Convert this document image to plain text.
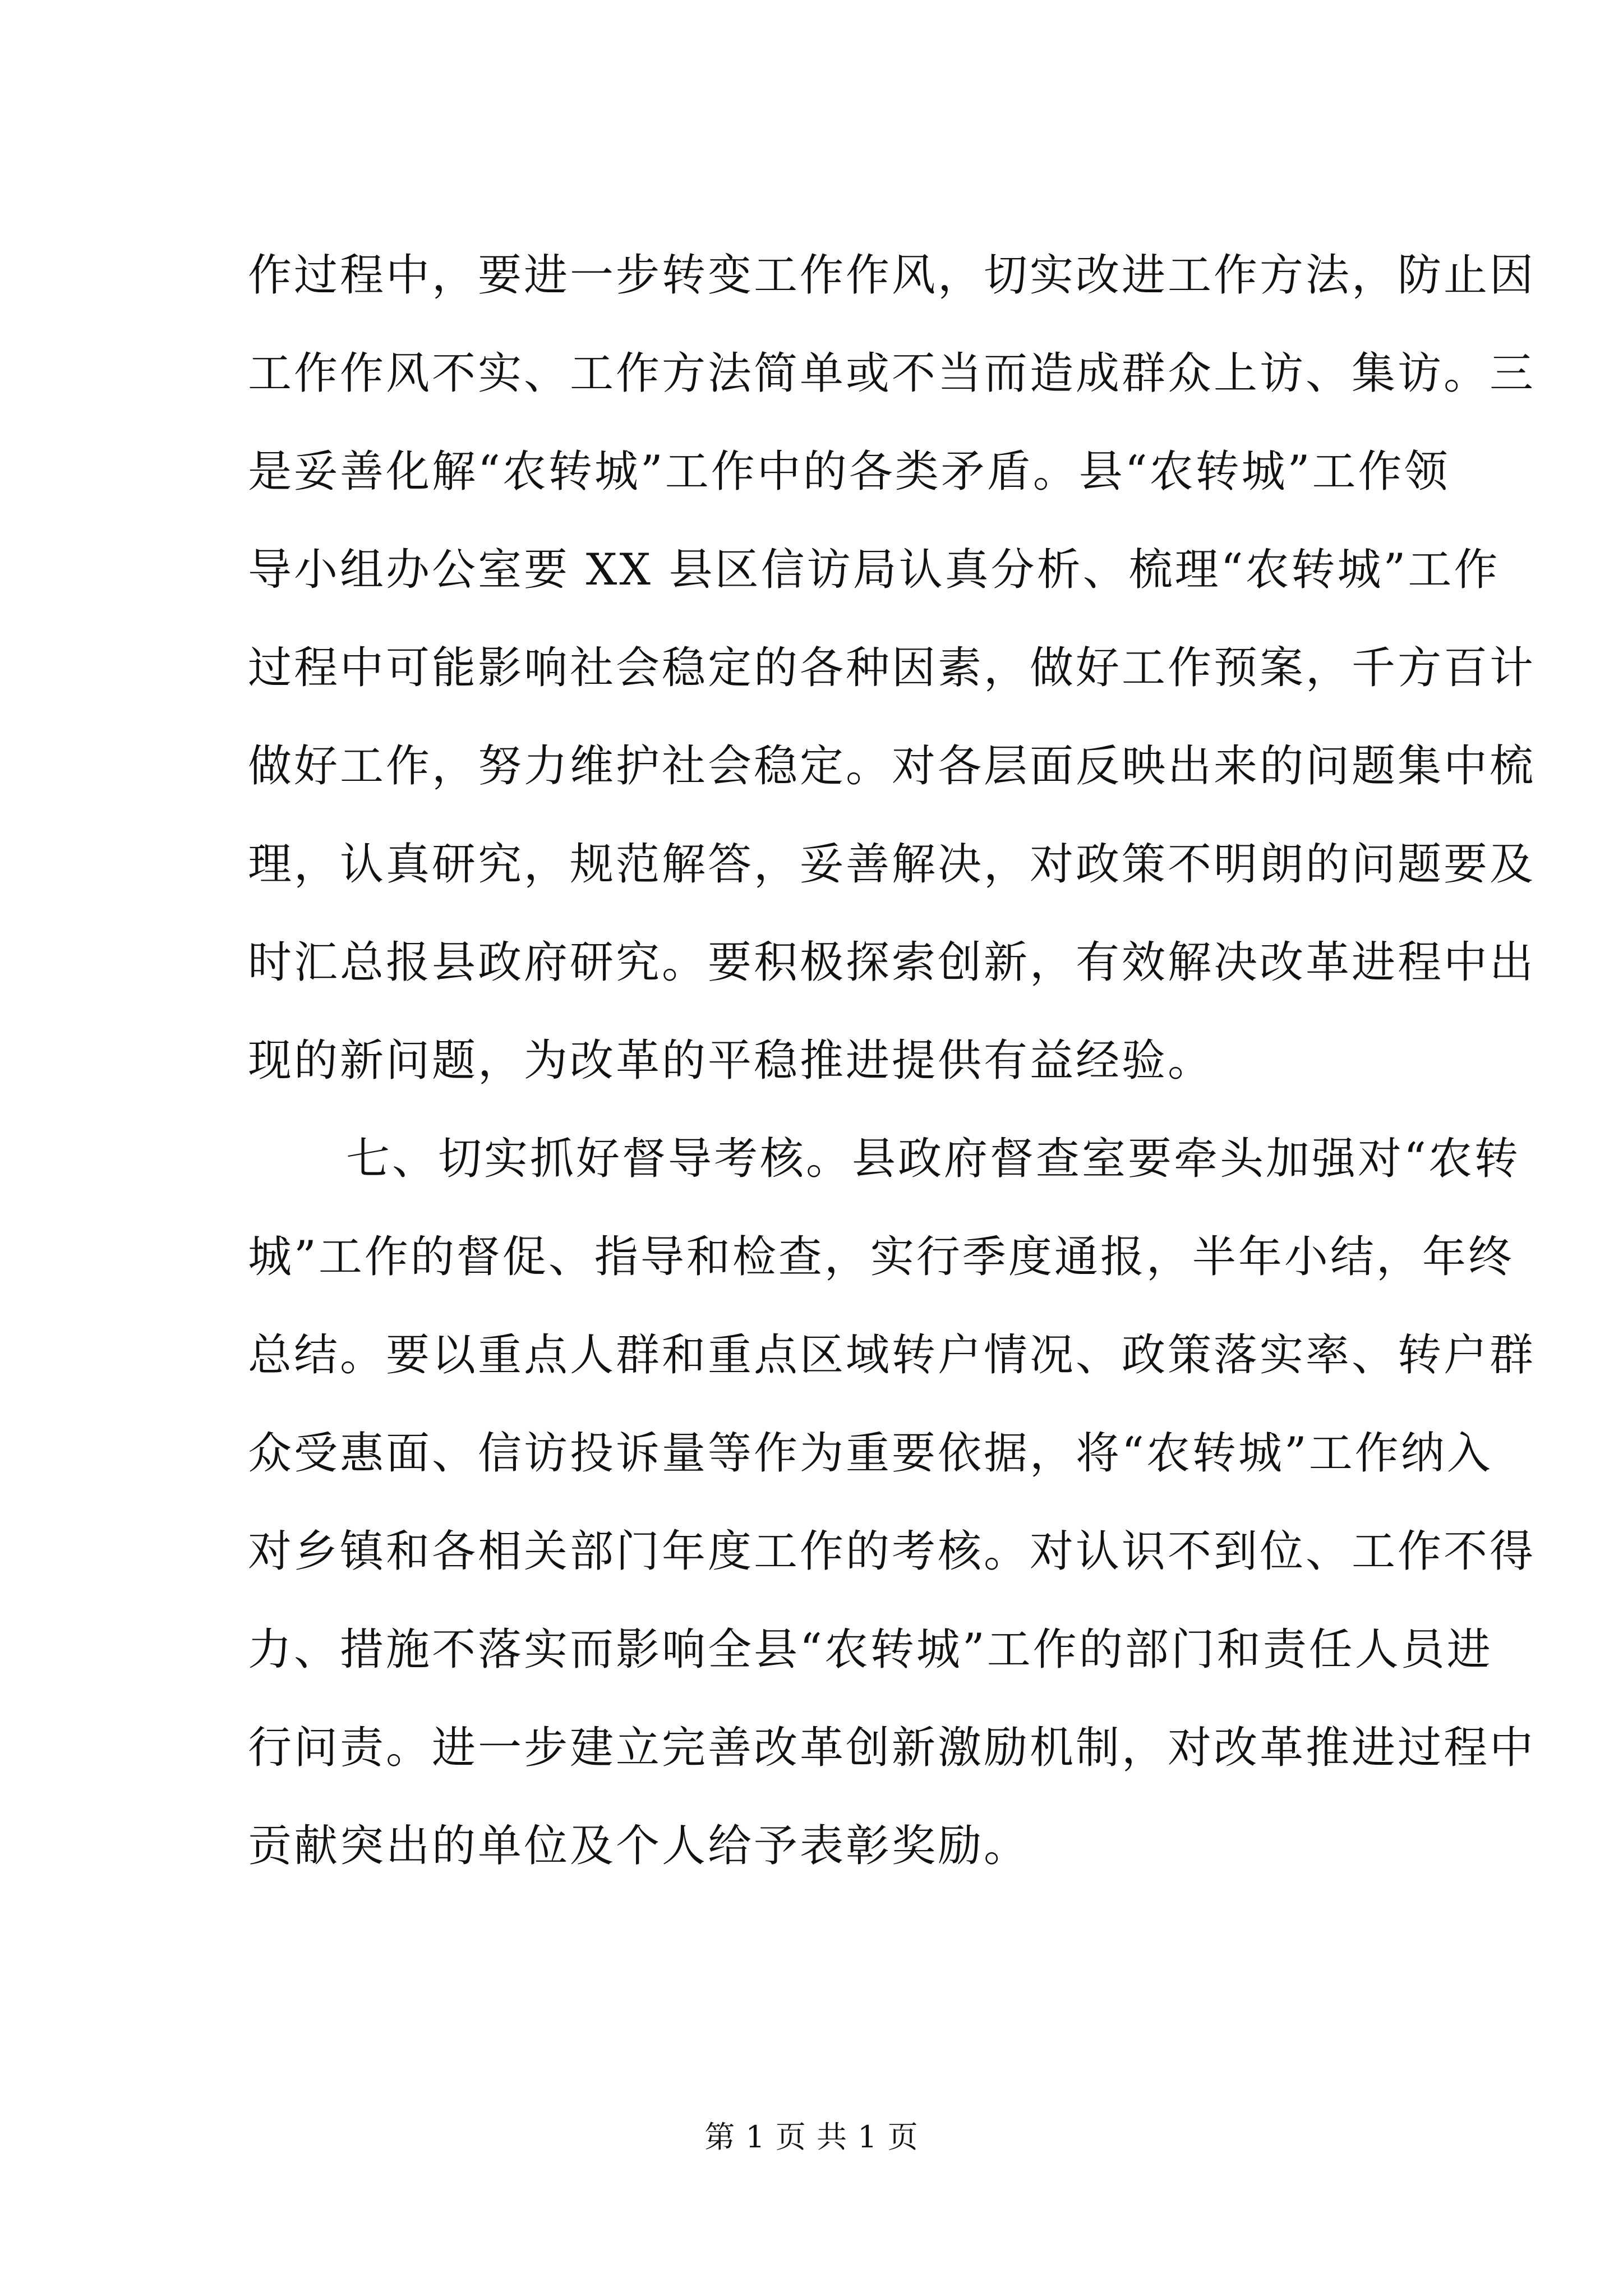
作过程中，要进一步转变工作作风，切实改进工作方法，防止因
工作作风不实、工作方法简单或不当而造成群众上访、集访。三
是妥善化解“农转城”工作中的各类矛盾。县“农转城”工作领
导小组办公室要 XX 县区信访局认真分析、梳理“农转城”工作
过程中可能影响社会稳定的各种因素，做好工作预案，千方百计
做好工作，努力维护社会稳定。对各层面反映出来的问题集中梳
理，认真研究，规范解答，妥善解决，对政策不明朗的问题要及
时汇总报县政府研究。要积极探索创新，有效解决改革进程中出
现的新问题，为改革的平稳推进提供有益经验。
七、切实抓好督导考核。县政府督查室要牵头加强对“农转
城”工作的督促、指导和检查，实行季度通报，半年小结，年终
总结。要以重点人群和重点区域转户情况、政策落实率、转户群
众受惠面、信访投诉量等作为重要依据，将“农转城”工作纳入
对乡镇和各相关部门年度工作的考核。对认识不到位、工作不得
力、措施不落实而影响全县“农转城”工作的部门和责任人员进
行问责。进一步建立完善改革创新激励机制，对改革推进过程中
贡献突出的单位及个人给予表彰奖励。
第 1 页 共 1 页
